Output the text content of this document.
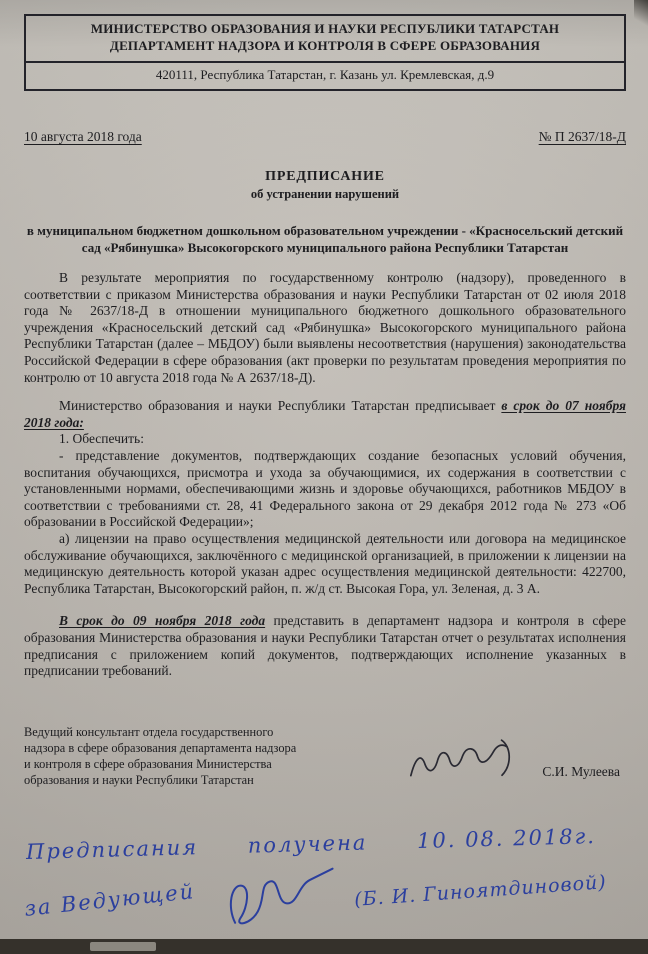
МИНИСТЕРСТВО ОБРАЗОВАНИЯ И НАУКИ РЕСПУБЛИКИ ТАТАРСТАН
ДЕПАРТАМЕНТ НАДЗОРА И КОНТРОЛЯ В СФЕРЕ ОБРАЗОВАНИЯ
420111, Республика Татарстан, г. Казань ул. Кремлевская, д.9
10 августа 2018 года	№ П 2637/18-Д
ПРЕДПИСАНИЕ
об устранении нарушений
в муниципальном бюджетном дошкольном образовательном учреждении - «Красносельский детский сад «Рябинушка» Высокогорского муниципального района Республики Татарстан

В результате мероприятия по государственному контролю (надзору), проведенного в соответствии с приказом Министерства образования и науки Республики Татарстан от 02 июля 2018 года № 2637/18-Д в отношении муниципального бюджетного дошкольного образовательного учреждения «Красносельский детский сад «Рябинушка» Высокогорского муниципального района Республики Татарстан (далее – МБДОУ) были выявлены несоответствия (нарушения) законодательства Российской Федерации в сфере образования (акт проверки по результатам проведения мероприятия по контролю от 10 августа 2018 года № А 2637/18-Д).

Министерство образования и науки Республики Татарстан предписывает в срок до 07 ноября 2018 года:

1. Обеспечить:

- представление документов, подтверждающих создание безопасных условий обучения, воспитания обучающихся, присмотра и ухода за обучающимися, их содержания в соответствии с установленными нормами, обеспечивающими жизнь и здоровье обучающихся, работников МБДОУ в соответствии с требованиями ст. 28, 41 Федерального закона от 29 декабря 2012 года № 273 «Об образовании в Российской Федерации»;

а) лицензии на право осуществления медицинской деятельности или договора на медицинское обслуживание обучающихся, заключённого с медицинской организацией, в приложении к лицензии на медицинскую деятельность которой указан адрес осуществления медицинской деятельности: 422700, Республика Татарстан, Высокогорский район, п. ж/д ст. Высокая Гора, ул. Зеленая, д. 3 А.

В срок до 09 ноября 2018 года представить в департамент надзора и контроля в сфере образования Министерства образования и науки Республики Татарстан отчет о результатах исполнения предписания с приложением копий документов, подтверждающих исполнение указанных в предписании требований.

Ведущий консультант отдела государственного
надзора в сфере образования департамента надзора
и контроля в сфере образования Министерства
образования и науки Республики Татарстан
С.И. Мулеева
Предписания получена 10. 08. 2018г.
за Ведующей	(Б. И. Гиноятдиновой)
